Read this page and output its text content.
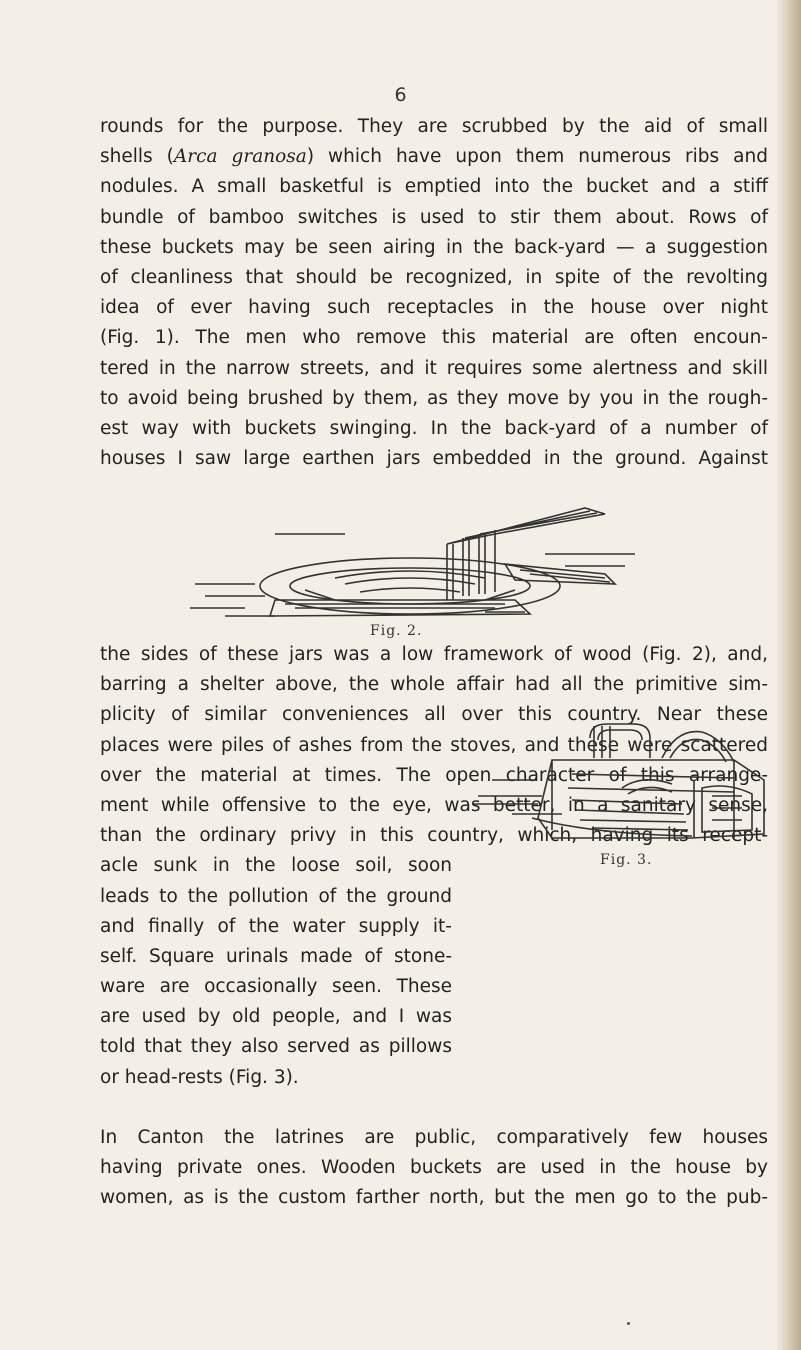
6
rounds for the purpose. They are scrubbed by the aid of small
shells (Arca granosa) which have upon them numerous ribs and
nodules. A small basketful is emptied into the bucket and a stiff
bundle of bamboo switches is used to stir them about. Rows of
these buckets may be seen airing in the back-yard — a suggestion
of cleanliness that should be recognized, in spite of the revolting
idea of ever having such receptacles in the house over night
(Fig. 1). The men who remove this material are often encoun-
tered in the narrow streets, and it requires some alertness and skill
to avoid being brushed by them, as they move by you in the rough-
est way with buckets swinging. In the back-yard of a number of
houses I saw large earthen jars embedded in the ground. Against
Fig. 2.
the sides of these jars was a low framework of wood (Fig. 2), and,
barring a shelter above, the whole affair had all the primitive sim-
plicity of similar conveniences all over this country. Near these
places were piles of ashes from the stoves, and these were scattered
over the material at times. The open character of this arrange-
ment while offensive to the eye, was better, in a sanitary sense,
than the ordinary privy in this country, which, having its recept-
acle sunk in the loose soil, soon
leads to the pollution of the ground
and finally of the water supply it-
self. Square urinals made of stone-
ware are occasionally seen. These
are used by old people, and I was
told that they also served as pillows
or head-rests (Fig. 3).
Fig. 3.
In Canton the latrines are public, comparatively few houses
having private ones. Wooden buckets are used in the house by
women, as is the custom farther north, but the men go to the pub-
